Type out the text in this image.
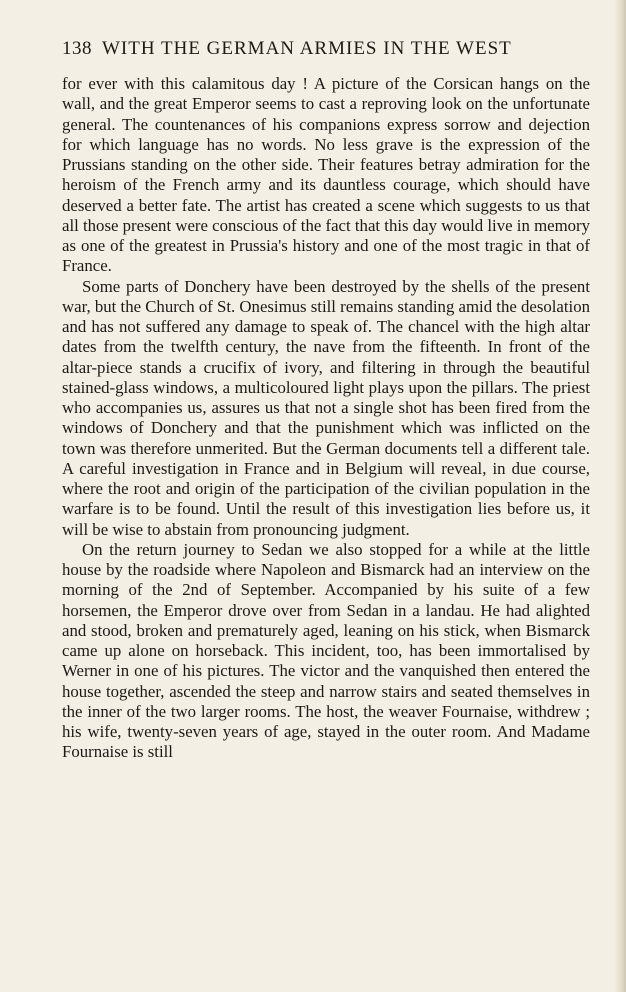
138 WITH THE GERMAN ARMIES IN THE WEST

for ever with this calamitous day ! A picture of the Corsican hangs on the wall, and the great Emperor seems to cast a reproving look on the unfortunate general. The countenances of his companions express sorrow and dejection for which language has no words. No less grave is the expression of the Prussians standing on the other side. Their features betray admiration for the heroism of the French army and its dauntless courage, which should have deserved a better fate. The artist has created a scene which suggests to us that all those present were conscious of the fact that this day would live in memory as one of the greatest in Prussia's history and one of the most tragic in that of France.

Some parts of Donchery have been destroyed by the shells of the present war, but the Church of St. Onesimus still remains standing amid the desolation and has not suffered any damage to speak of. The chancel with the high altar dates from the twelfth century, the nave from the fifteenth. In front of the altar-piece stands a crucifix of ivory, and filtering in through the beautiful stained-glass windows, a multicoloured light plays upon the pillars. The priest who accompanies us, assures us that not a single shot has been fired from the windows of Donchery and that the punishment which was inflicted on the town was therefore unmerited. But the German documents tell a different tale. A careful investigation in France and in Belgium will reveal, in due course, where the root and origin of the participation of the civilian population in the warfare is to be found. Until the result of this investigation lies before us, it will be wise to abstain from pronouncing judgment.

On the return journey to Sedan we also stopped for a while at the little house by the roadside where Napoleon and Bismarck had an interview on the morning of the 2nd of September. Accompanied by his suite of a few horsemen, the Emperor drove over from Sedan in a landau. He had alighted and stood, broken and prematurely aged, leaning on his stick, when Bismarck came up alone on horseback. This incident, too, has been immortalised by Werner in one of his pictures. The victor and the vanquished then entered the house together, ascended the steep and narrow stairs and seated themselves in the inner of the two larger rooms. The host, the weaver Fournaise, withdrew ; his wife, twenty-seven years of age, stayed in the outer room. And Madame Fournaise is still
